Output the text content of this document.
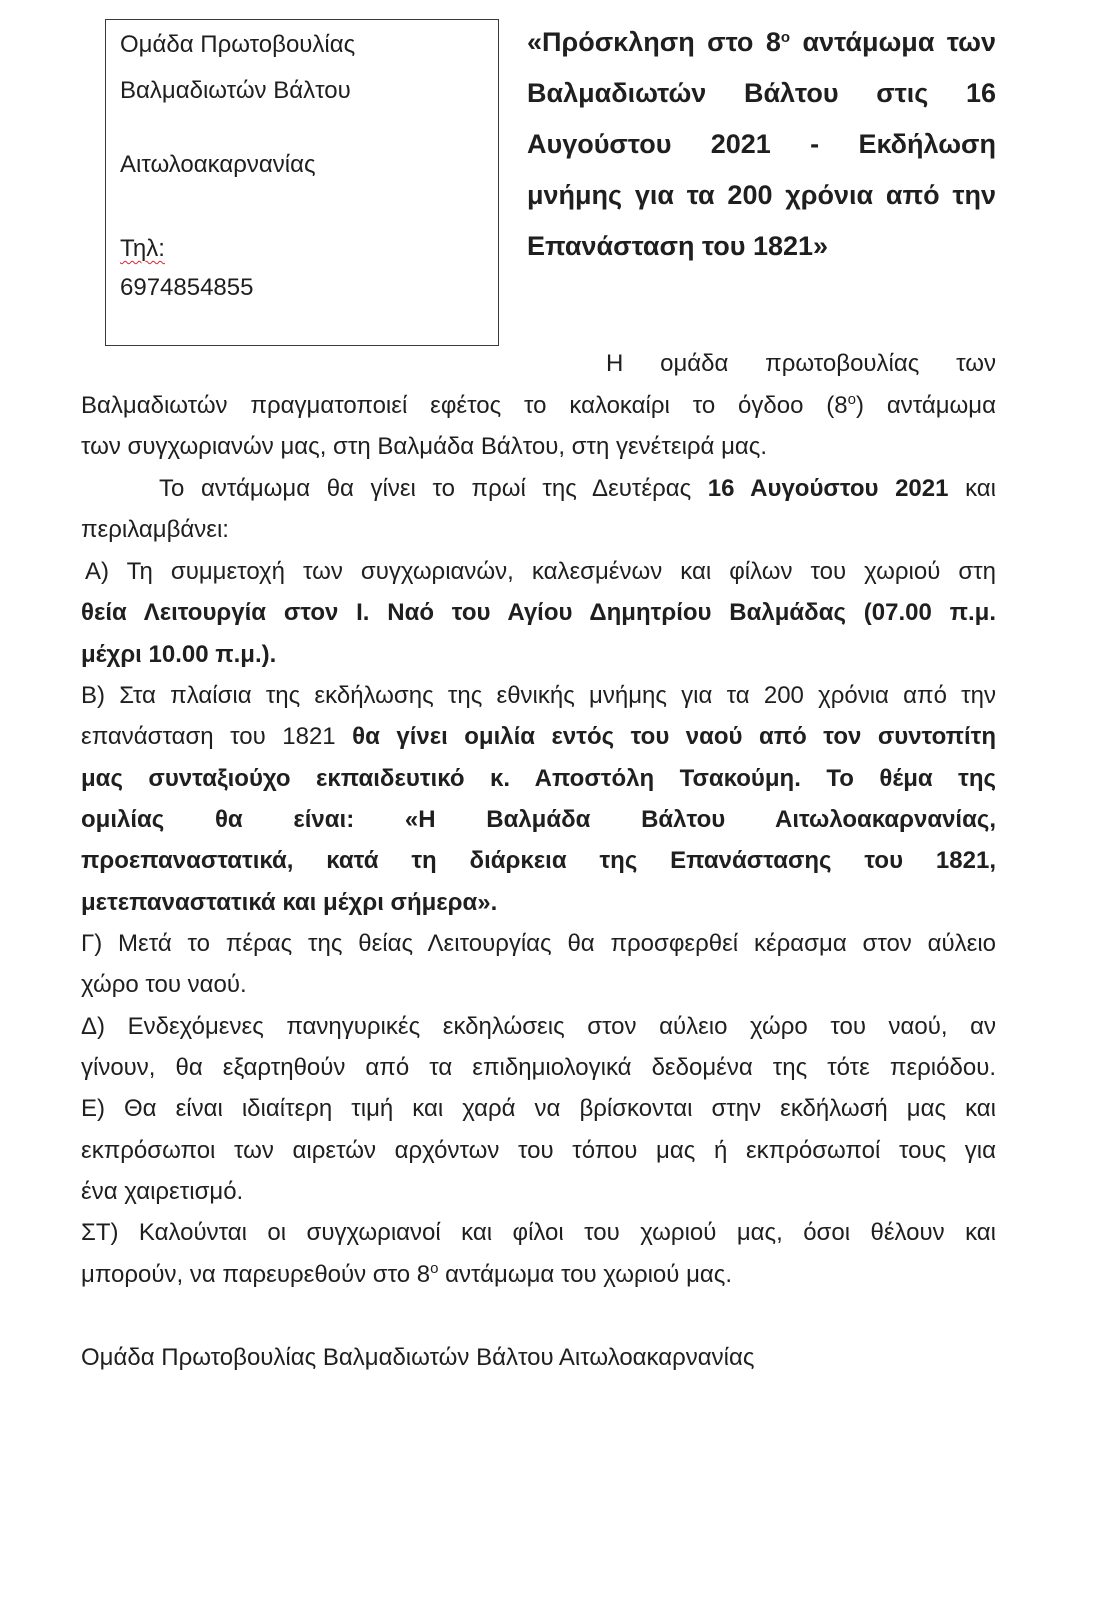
Ομάδα Πρωτοβουλίας
Βαλμαδιωτών Βάλτου
Αιτωλοακαρνανίας
Τηλ:
6974854855
«Πρόσκληση στο $8^o$ αντάμωμα των
Βαλμαδιωτών Βάλτου στις 16
Αυγούστου 2021 - Εκδήλωση
μνήμης για τα 200 χρόνια από την
Επανάσταση του 1821»
Η ομάδα πρωτοβουλίας των
Βαλμαδιωτών πραγματοποιεί εφέτος το καλοκαίρι το όγδοο $(8^o)$ αντάμωμα
των συγχωριανών μας, στη Βαλμάδα Βάλτου, στη γενέτειρά μας.
Το αντάμωμα θα γίνει το πρωί της Δευτέρας 16 Αυγούστου 2021 και
περιλαμβάνει:
Α) Τη συμμετοχή των συγχωριανών, καλεσμένων και φίλων του χωριού στη
θεία Λειτουργία στον Ι. Ναό του Αγίου Δημητρίου Βαλμάδας (07.00 π.μ.
μέχρι 10.00 π.μ.).
Β) Στα πλαίσια της εκδήλωσης της εθνικής μνήμης για τα 200 χρόνια από την
επανάσταση του 1821 θα γίνει ομιλία εντός του ναού από τον συντοπίτη
μας συνταξιούχο εκπαιδευτικό κ. Αποστόλη Τσακούμη. Το θέμα της
ομιλίας θα είναι: «Η Βαλμάδα Βάλτου Αιτωλοακαρνανίας,
προεπαναστατικά, κατά τη διάρκεια της Επανάστασης του 1821,
μετεπαναστατικά και μέχρι σήμερα».
Γ) Μετά το πέρας της θείας Λειτουργίας θα προσφερθεί κέρασμα στον αύλειο
χώρο του ναού.
Δ) Ενδεχόμενες πανηγυρικές εκδηλώσεις στον αύλειο χώρο του ναού, αν
γίνουν, θα εξαρτηθούν από τα επιδημιολογικά δεδομένα της τότε περιόδου.
Ε) Θα είναι ιδιαίτερη τιμή και χαρά να βρίσκονται στην εκδήλωσή μας και
εκπρόσωποι των αιρετών αρχόντων του τόπου μας ή εκπρόσωποί τους για
ένα χαιρετισμό.
ΣΤ) Καλούνται οι συγχωριανοί και φίλοι του χωριού μας, όσοι θέλουν και
μπορούν, να παρευρεθούν στο $8^o$ αντάμωμα του χωριού μας.
Ομάδα Πρωτοβουλίας Βαλμαδιωτών Βάλτου Αιτωλοακαρνανίας
